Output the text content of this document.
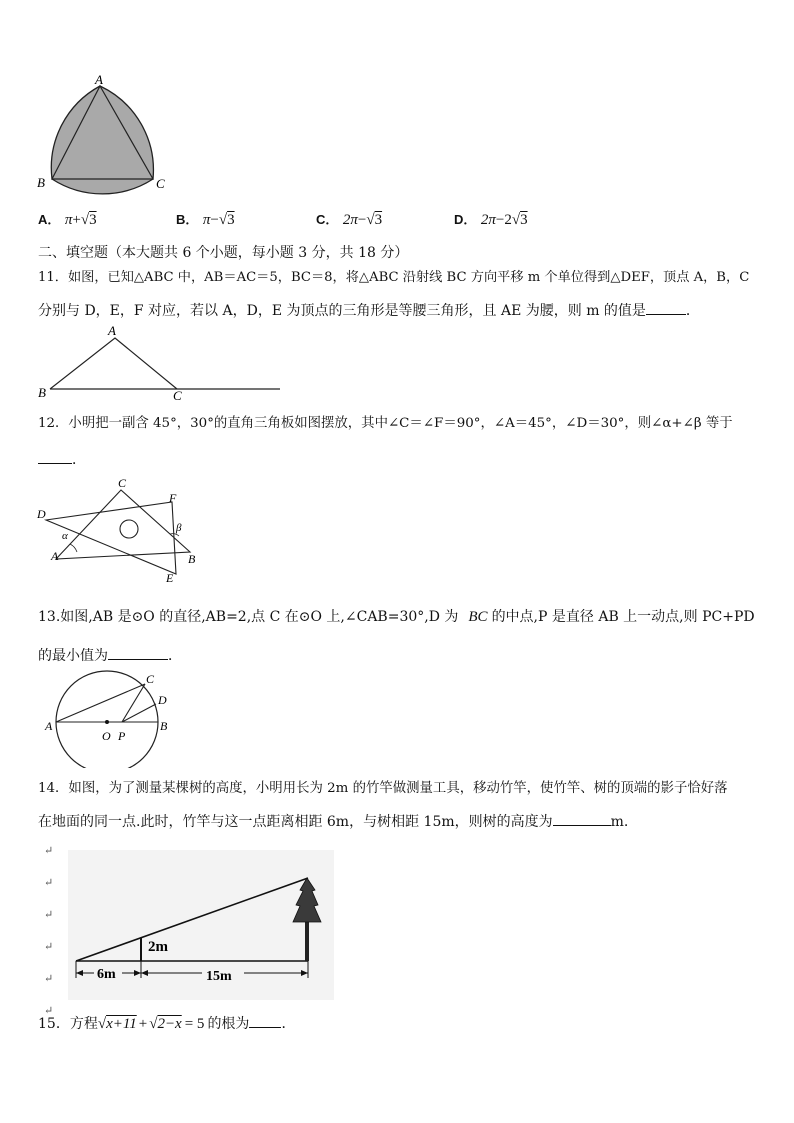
A
B	C
A． π+√3	B． π−√3	C． 2π−√3	D． 2π−2√3
二、填空题（本大题共 6 个小题，每小题 3 分，共 18 分）
11．如图，已知△ABC 中，AB＝AC＝5，BC＝8，将△ABC 沿射线 BC 方向平移 m 个单位得到△DEF，顶点 A，B，C
分别与 D，E，F 对应，若以 A，D，E 为顶点的三角形是等腰三角形，且 AE 为腰，则 m 的值是	．
A
B	C
12．小明把一副含 45°，30°的直角三角板如图摆放，其中∠C＝∠F＝90°，∠A＝45°，∠D＝30°，则∠α+∠β 等于
．
C
F
D
α
β
A	B
E
13.如图,AB 是⊙O 的直径,AB=2,点 C 在⊙O 上,∠CAB=30°,D 为 BC 的中点,P 是直径 AB 上一动点,则 PC+PD
的最小值为	．
C
D
A	B
O P
14．如图，为了测量某棵树的高度，小明用长为 2m 的竹竿做测量工具，移动竹竿，使竹竿、树的顶端的影子恰好落
在地面的同一点.此时，竹竿与这一点距离相距 6m，与树相距 15m，则树的高度为	m.
↵
↵
↵
↵
↵
↵
2m
6m	15m
15．方程√x+11 + √2−x = 5 的根为 ．
